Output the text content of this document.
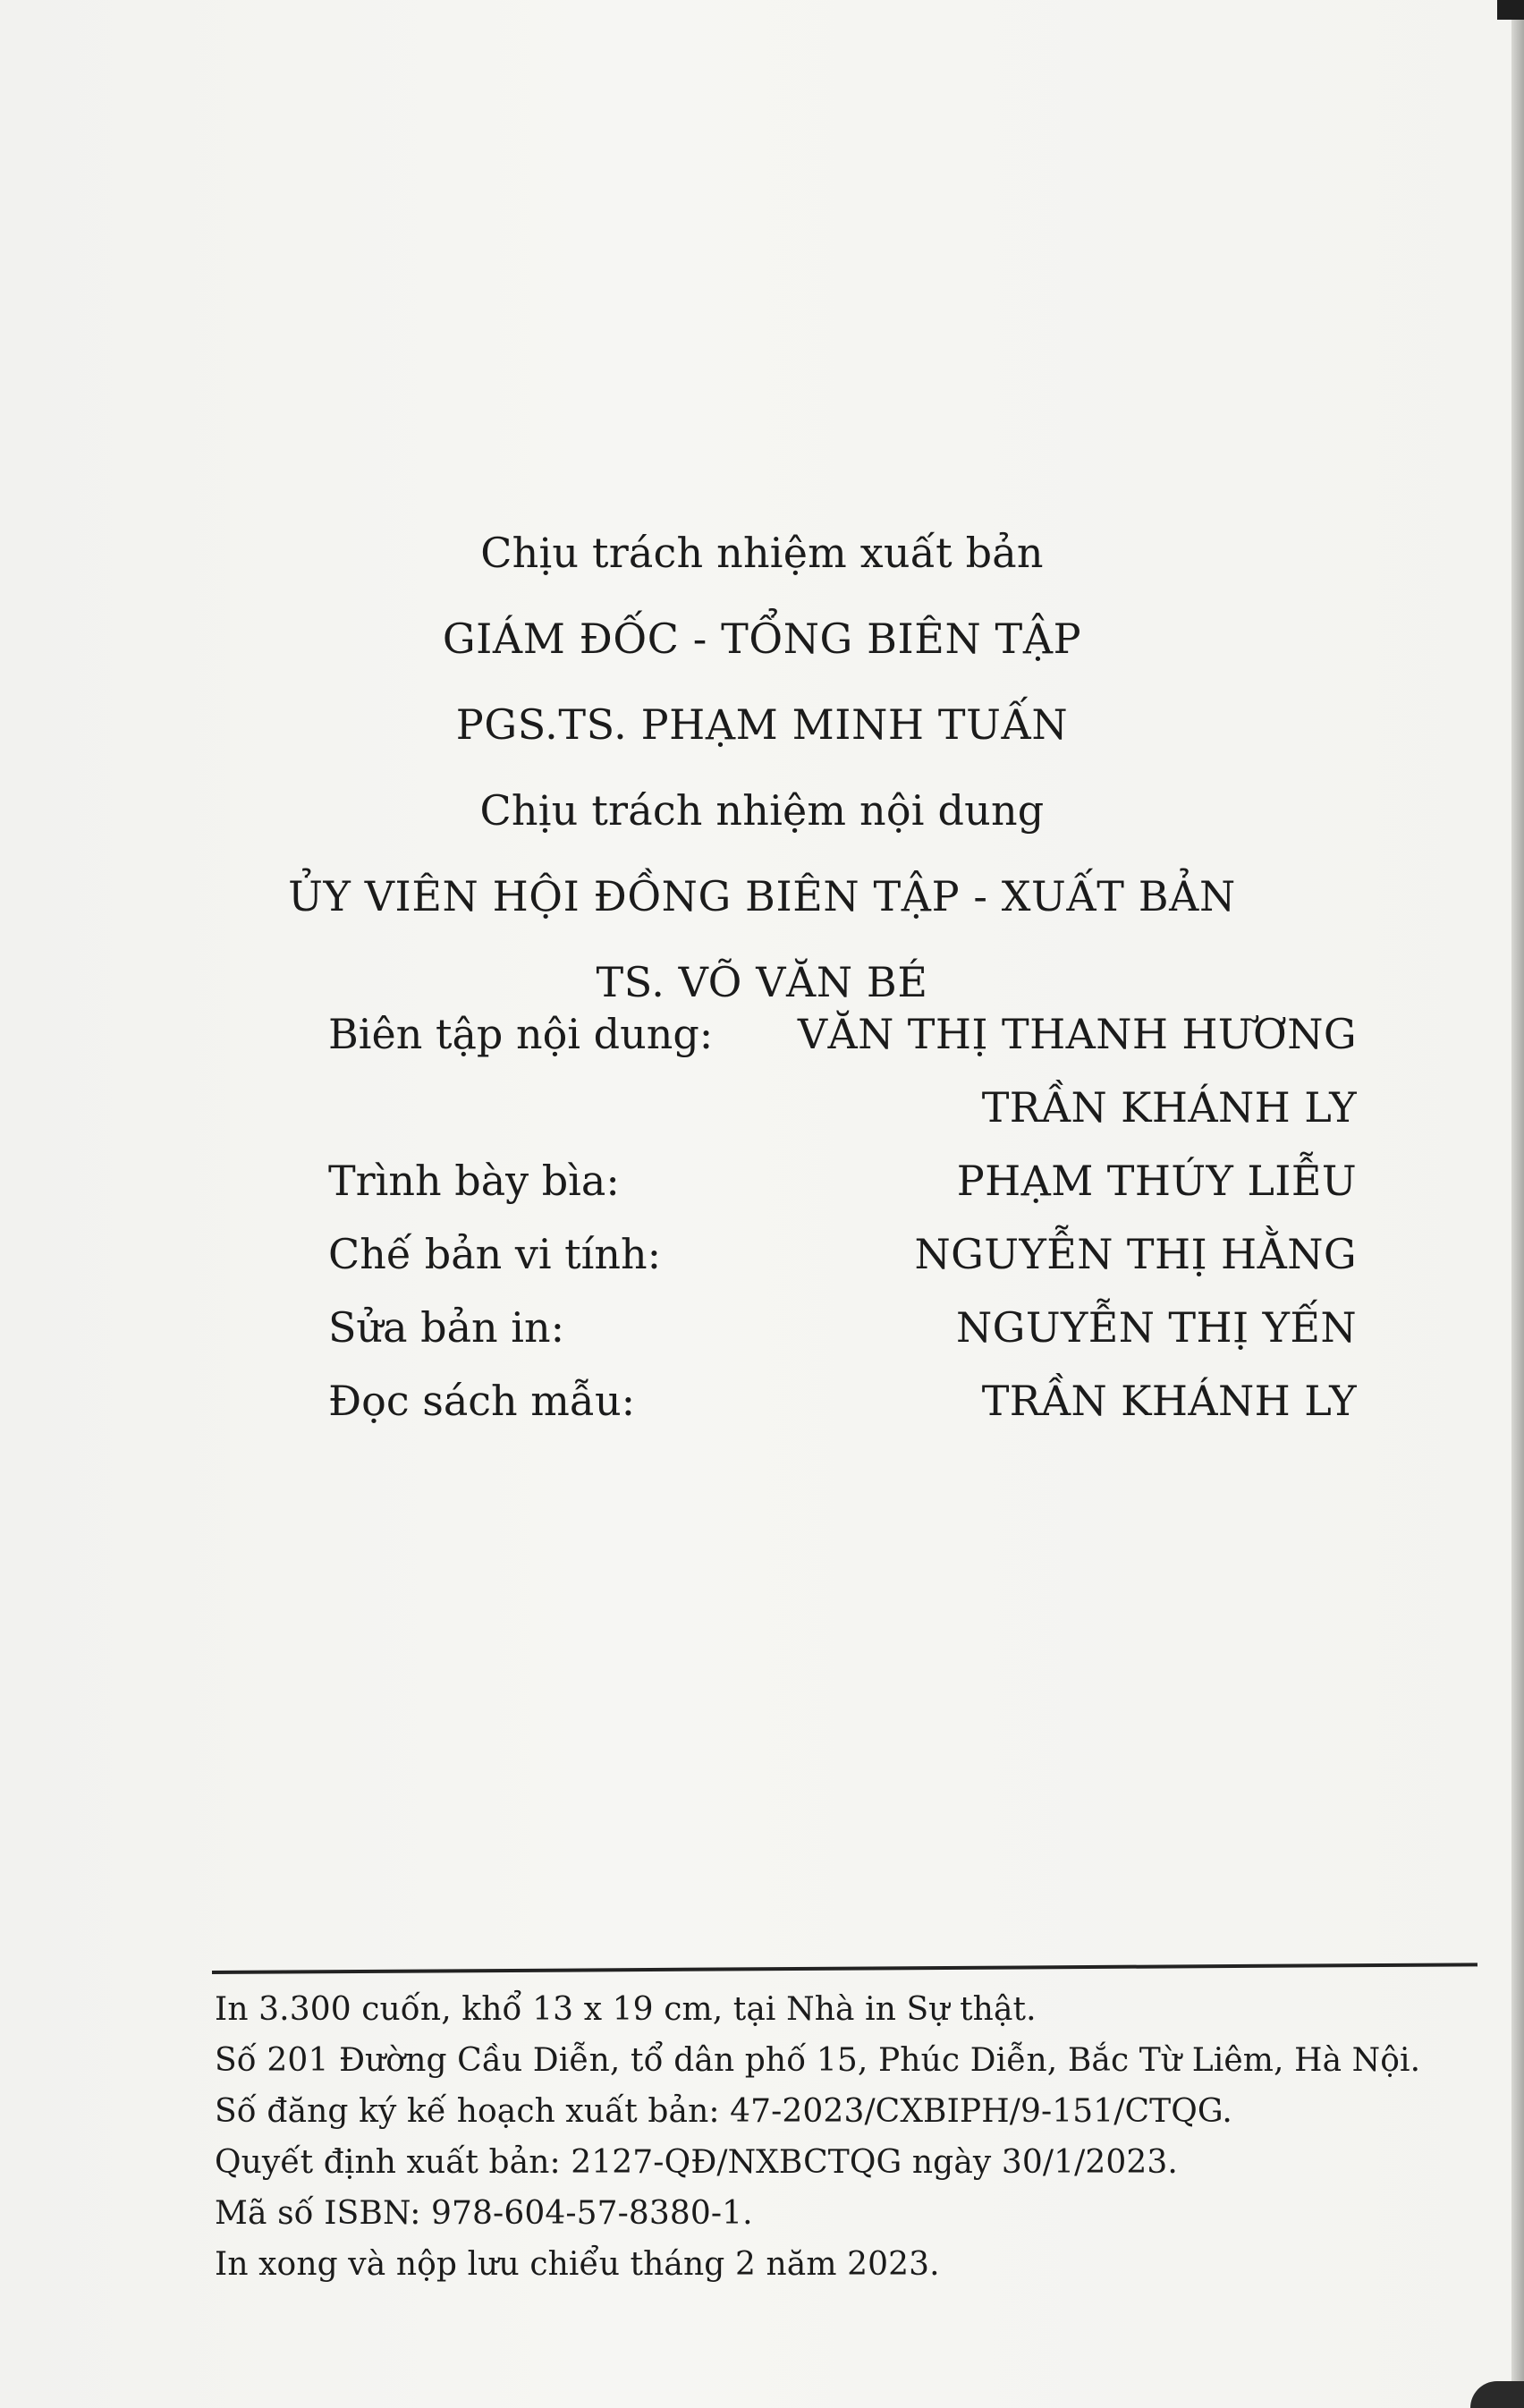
Chịu trách nhiệm xuất bản
GIÁM ĐỐC - TỔNG BIÊN TẬP
PGS.TS. PHẠM MINH TUẤN
Chịu trách nhiệm nội dung
ỦY VIÊN HỘI ĐỒNG BIÊN TẬP - XUẤT BẢN
TS. VÕ VĂN BÉ
Biên tập nội dung: VĂN THỊ THANH HƯƠNG
TRẦN KHÁNH LY
Trình bày bìa:	PHẠM THÚY LIỄU
Chế bản vi tính:	NGUYỄN THỊ HẰNG
Sửa bản in:	NGUYỄN THỊ YẾN
Đọc sách mẫu:	TRẦN KHÁNH LY
In 3.300 cuốn, khổ 13 x 19 cm, tại Nhà in Sự thật.
Số 201 Đường Cầu Diễn, tổ dân phố 15, Phúc Diễn, Bắc Từ Liêm, Hà Nội.
Số đăng ký kế hoạch xuất bản: 47-2023/CXBIPH/9-151/CTQG.
Quyết định xuất bản: 2127-QĐ/NXBCTQG ngày 30/1/2023.
Mã số ISBN: 978-604-57-8380-1.
In xong và nộp lưu chiểu tháng 2 năm 2023.
